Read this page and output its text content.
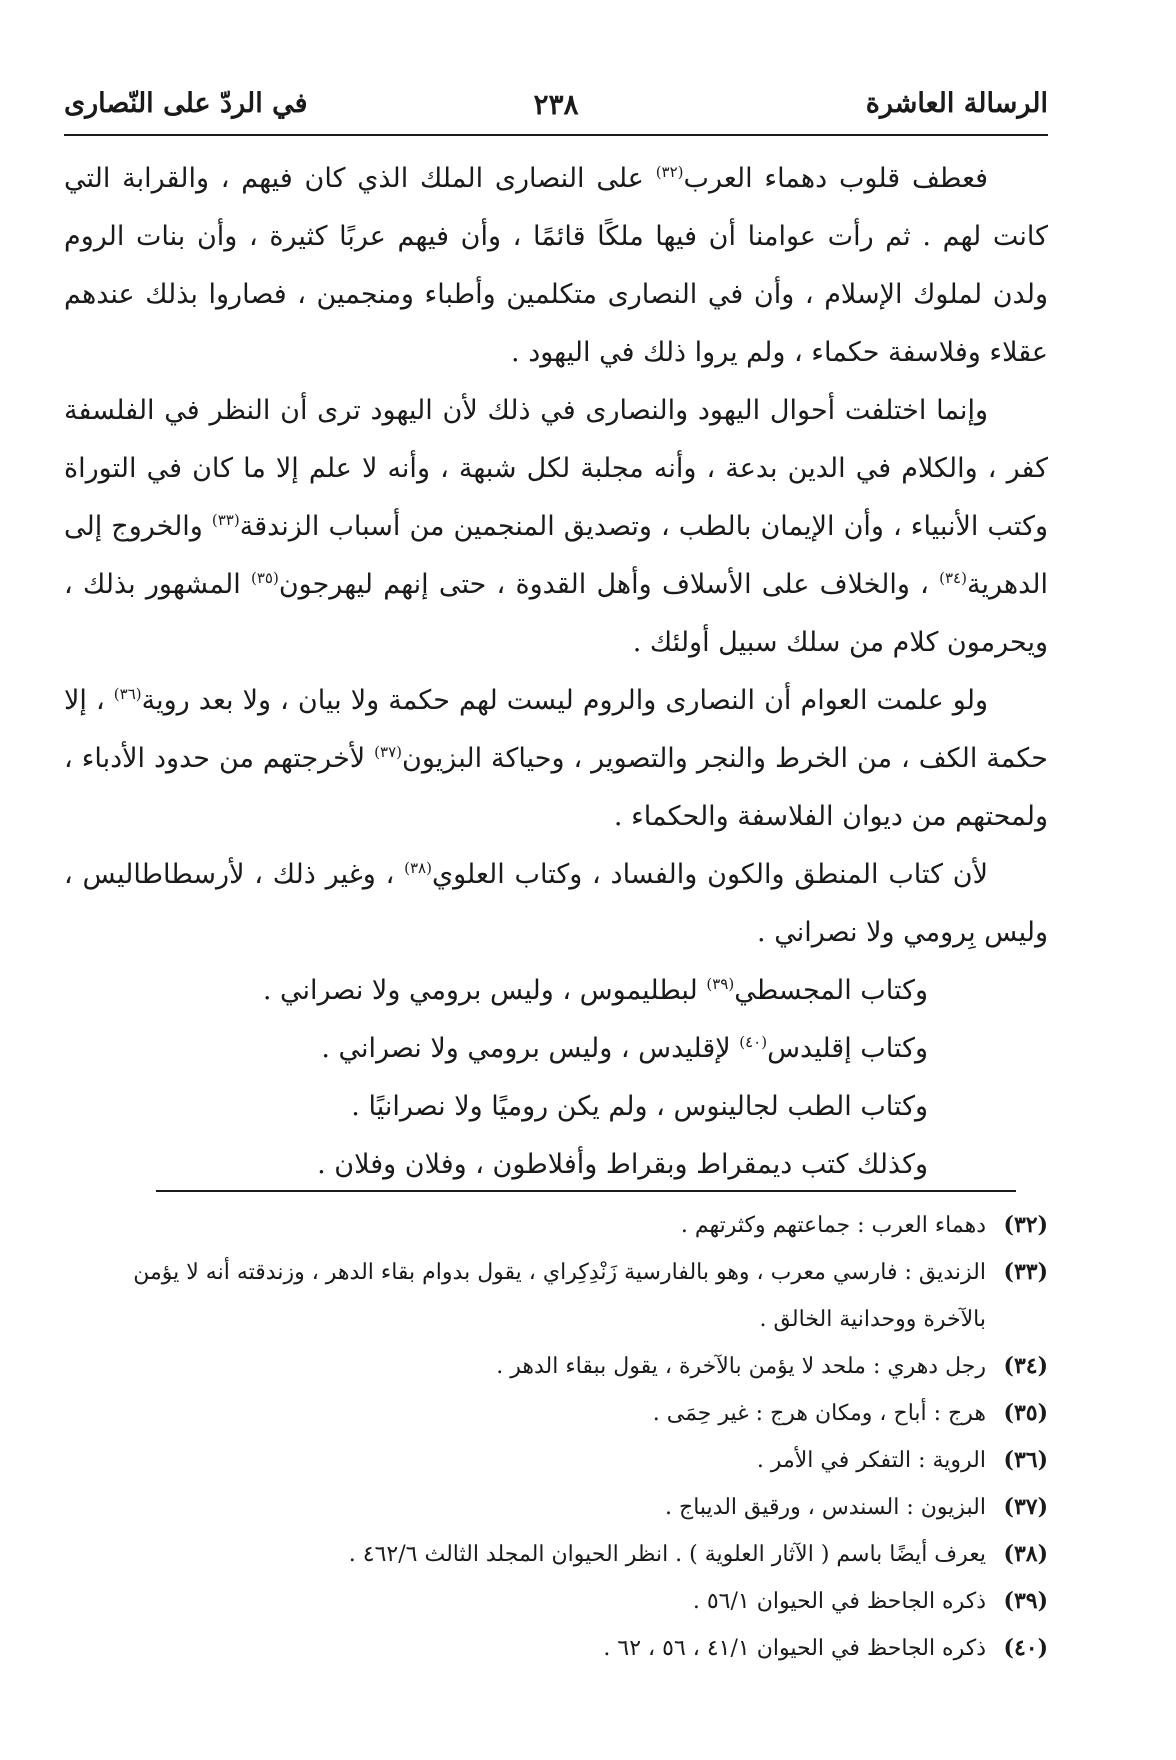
الرسالة العاشرة
٢٣٨
في الردّ على النّصارى

فعطف قلوب دهماء العرب$^{(٣٢)}$ على النصارى الملك الذي كان فيهم ، والقرابة التي كانت لهم . ثم رأت عوامنا أن فيها ملكًا قائمًا ، وأن فيهم عربًا كثيرة ، وأن بنات الروم ولدن لملوك الإسلام ، وأن في النصارى متكلمين وأطباء ومنجمين ، فصاروا بذلك عندهم عقلاء وفلاسفة حكماء ، ولم يروا ذلك في اليهود .

وإنما اختلفت أحوال اليهود والنصارى في ذلك لأن اليهود ترى أن النظر في الفلسفة كفر ، والكلام في الدين بدعة ، وأنه مجلبة لكل شبهة ، وأنه لا علم إلا ما كان في التوراة وكتب الأنبياء ، وأن الإيمان بالطب ، وتصديق المنجمين من أسباب الزندقة$^{(٣٣)}$ والخروج إلى الدهرية$^{(٣٤)}$ ، والخلاف على الأسلاف وأهل القدوة ، حتى إنهم ليهرجون$^{(٣٥)}$ المشهور بذلك ، ويحرمون كلام من سلك سبيل أولئك .

ولو علمت العوام أن النصارى والروم ليست لهم حكمة ولا بيان ، ولا بعد روية$^{(٣٦)}$ ، إلا حكمة الكف ، من الخرط والنجر والتصوير ، وحياكة البزيون$^{(٣٧)}$ لأخرجتهم من حدود الأدباء ، ولمحتهم من ديوان الفلاسفة والحكماء .

لأن كتاب المنطق والكون والفساد ، وكتاب العلوي$^{(٣٨)}$ ، وغير ذلك ، لأرسطاطاليس ، وليس بِرومي ولا نصراني .

وكتاب المجسطي$^{(٣٩)}$ لبطليموس ، وليس برومي ولا نصراني .

وكتاب إقليدس$^{(٤٠)}$ لإقليدس ، وليس برومي ولا نصراني .

وكتاب الطب لجالينوس ، ولم يكن روميًا ولا نصرانيًا .

وكذلك كتب ديمقراط وبقراط وأفلاطون ، وفلان وفلان .

(٣٢)
دهماء العرب : جماعتهم وكثرتهم .
(٣٣)
الزنديق : فارسي معرب ، وهو بالفارسية زَنْدِكِراي ، يقول بدوام بقاء الدهر ، وزندقته أنه لا يؤمن بالآخرة ووحدانية الخالق .
(٣٤)
رجل دهري : ملحد لا يؤمن بالآخرة ، يقول ببقاء الدهر .
(٣٥)
هرج : أباح ، ومكان هرج : غير حِمَى .
(٣٦)
الروية : التفكر في الأمر .
(٣٧)
البزيون : السندس ، ورقيق الديباج .
(٣٨)
يعرف أيضًا باسم ( الآثار العلوية ) . انظر الحيوان المجلد الثالث ٤٦٢/٦ .
(٣٩)
ذكره الجاحظ في الحيوان ٥٦/١ .
(٤٠)
ذكره الجاحظ في الحيوان ٤١/١ ، ٥٦ ، ٦٢ .
